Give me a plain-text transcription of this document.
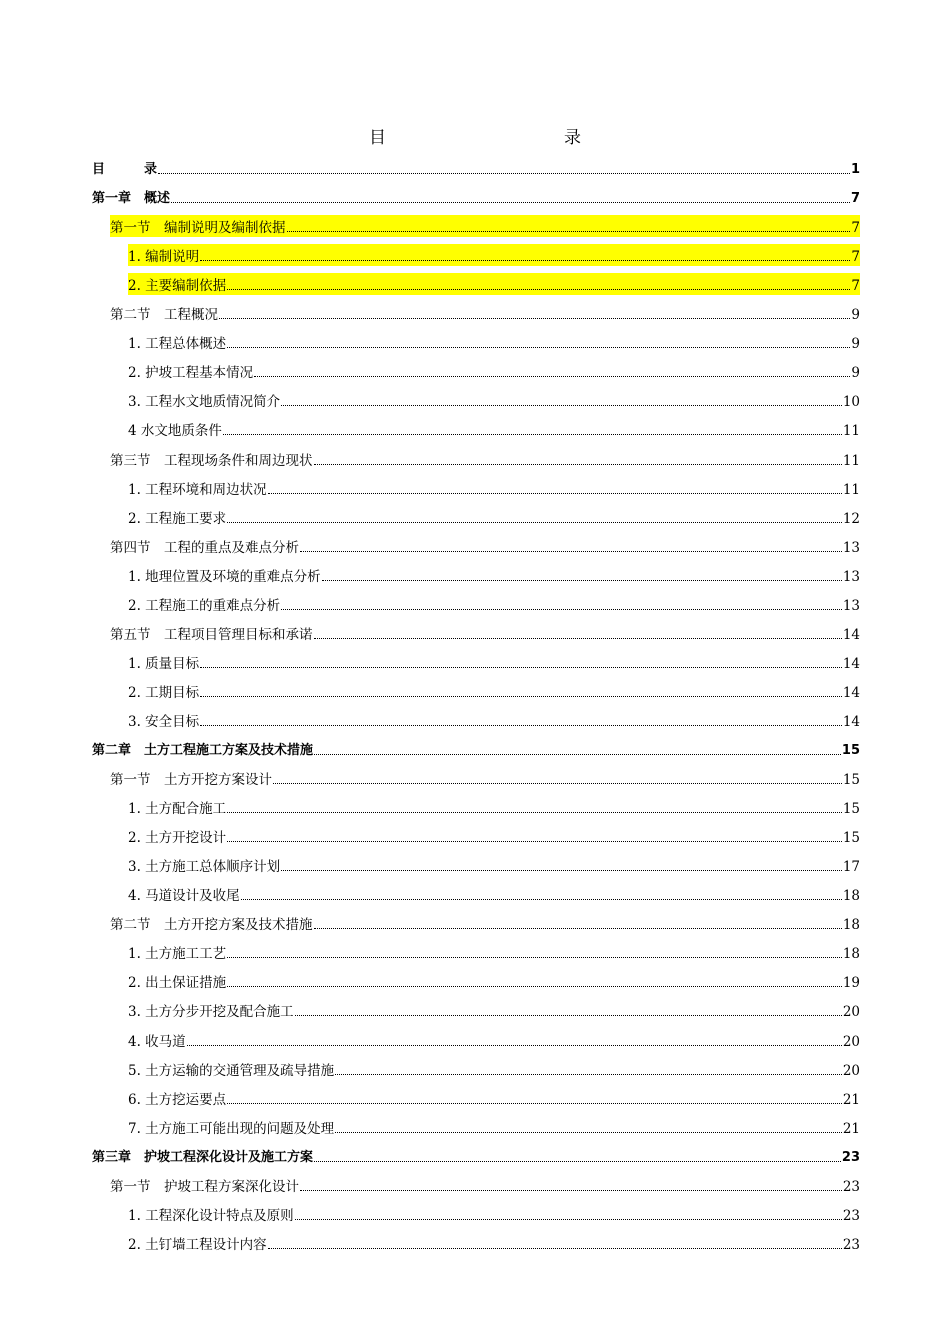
目　　录
目　　　录	1
第一章　概述	7
第一节　编制说明及编制依据	7
1. 编制说明	7
2. 主要编制依据	7
第二节　工程概况	9
1. 工程总体概述	9
2. 护坡工程基本情况	9
3. 工程水文地质情况简介	10
4 水文地质条件	11
第三节　工程现场条件和周边现状	11
1. 工程环境和周边状况	11
2. 工程施工要求	12
第四节　工程的重点及难点分析	13
1. 地理位置及环境的重难点分析	13
2. 工程施工的重难点分析	13
第五节　工程项目管理目标和承诺	14
1. 质量目标	14
2. 工期目标	14
3. 安全目标	14
第二章　土方工程施工方案及技术措施	15
第一节　土方开挖方案设计	15
1. 土方配合施工	15
2. 土方开挖设计	15
3. 土方施工总体顺序计划	17
4. 马道设计及收尾	18
第二节　土方开挖方案及技术措施	18
1. 土方施工工艺	18
2. 出土保证措施	19
3. 土方分步开挖及配合施工	20
4. 收马道	20
5. 土方运输的交通管理及疏导措施	20
6. 土方挖运要点	21
7. 土方施工可能出现的问题及处理	21
第三章　护坡工程深化设计及施工方案	23
第一节　护坡工程方案深化设计	23
1. 工程深化设计特点及原则	23
2. 土钉墙工程设计内容	23
